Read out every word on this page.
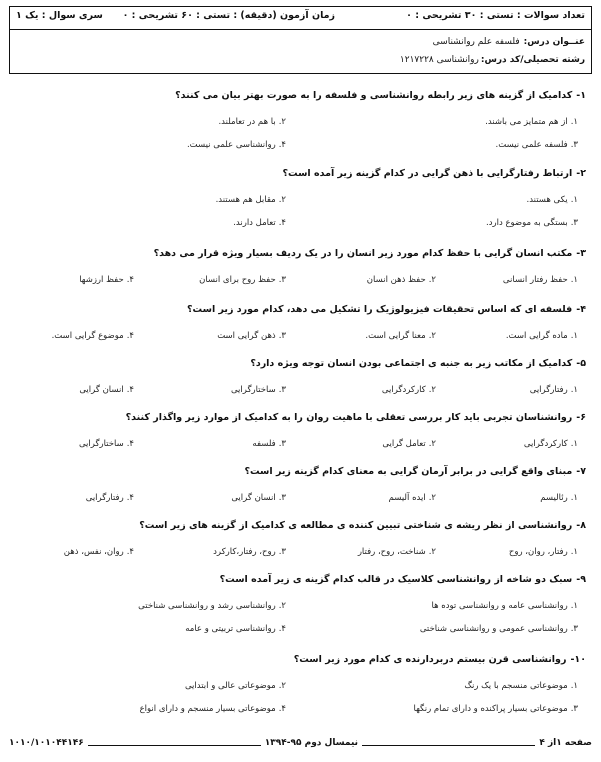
تعداد سوالات : تستی : ۳۰ تشریحی : ۰
زمان آزمون (دقیقه) : تستی : ۶۰ تشریحی : ۰
سری سوال : یک ۱
عنــوان درس:فلسفه علم روانشناسی
رشته تحصیلی/کد درس:روانشناسی ۱۲۱۷۲۲۸
۱-کدامیک از گزینه های زیر رابطه روانشناسی و فلسفه را به صورت بهتر بیان می کنند؟
۱.از هم متمایز می باشند.
۲.با هم در تعاملند.
۳.فلسفه علمی نیست.
۴.روانشناسی علمی نیست.
۲-ارتباط رفتارگرایی با ذهن گرایی در کدام گزینه زیر آمده است؟
۱.یکی هستند.
۲.مقابل هم هستند.
۳.بستگی به موضوع دارد.
۴.تعامل دارند.
۳-مکتب انسان گرایی با حفظ کدام مورد زیر انسان را در یک ردیف بسیار ویژه قرار می دهد؟
۱.حفظ رفتار انسانی
۲.حفظ ذهن انسان
۳.حفظ روح برای انسان
۴.حفظ ارزشها
۴-فلسفه ای که اساس تحقیقات فیزیولوژیک را تشکیل می دهد، کدام مورد زیر است؟
۱.ماده گرایی است.
۲.معنا گرایی است.
۳.ذهن گرایی است
۴.موضوع گرایی است.
۵-کدامیک از مکاتب زیر به جنبه ی اجتماعی بودن انسان توجه ویژه دارد؟
۱.رفتارگرایی
۲.کارکردگرایی
۳.ساختارگرایی
۴.انسان گرایی
۶-روانشناسان تجربی باید کار بررسی تعقلی با ماهیت روان را به کدامیک از موارد زیر واگذار کنند؟
۱.کارکردگرایی
۲.تعامل گرایی
۳.فلسفه
۴.ساختارگرایی
۷-مبنای واقع گرایی در برابر آرمان گرایی به معنای کدام گزینه زیر است؟
۱.رئالیسم
۲.ایده آلیسم
۳.انسان گرایی
۴.رفتارگرایی
۸-روانشناسی از نظر ریشه ی شناختی تبیین کننده ی مطالعه ی کدامیک از گزینه های زیر است؟
۱.رفتار، روان، روح
۲.شناخت، روح، رفتار
۳.روح، رفتار،کارکرد
۴.روان، نفس، ذهن
۹-سبک دو شاخه از روانشناسی کلاسیک در قالب کدام گزینه ی زیر آمده است؟
۱.روانشناسی عامه و روانشناسی توده ها
۲.روانشناسی رشد و روانشناسی شناختی
۳.روانشناسی عمومی و روانشناسی شناختی
۴.روانشناسی تربیتی و عامه
۱۰-روانشناسی قرن بیستم دربردارنده ی کدام مورد زیر است؟
۱.موضوعاتی منسجم با یک رنگ
۲.موضوعاتی عالی و ابتدایی
۳.موضوعاتی بسیار پراکنده و دارای تمام رنگها
۴.موضوعاتی بسیار منسجم و دارای انواع
صفحه ۱از ۴
نیمسال دوم ۹۵-۱۳۹۴
۱۰۱۰/۱۰۱۰۴۴۱۴۶
